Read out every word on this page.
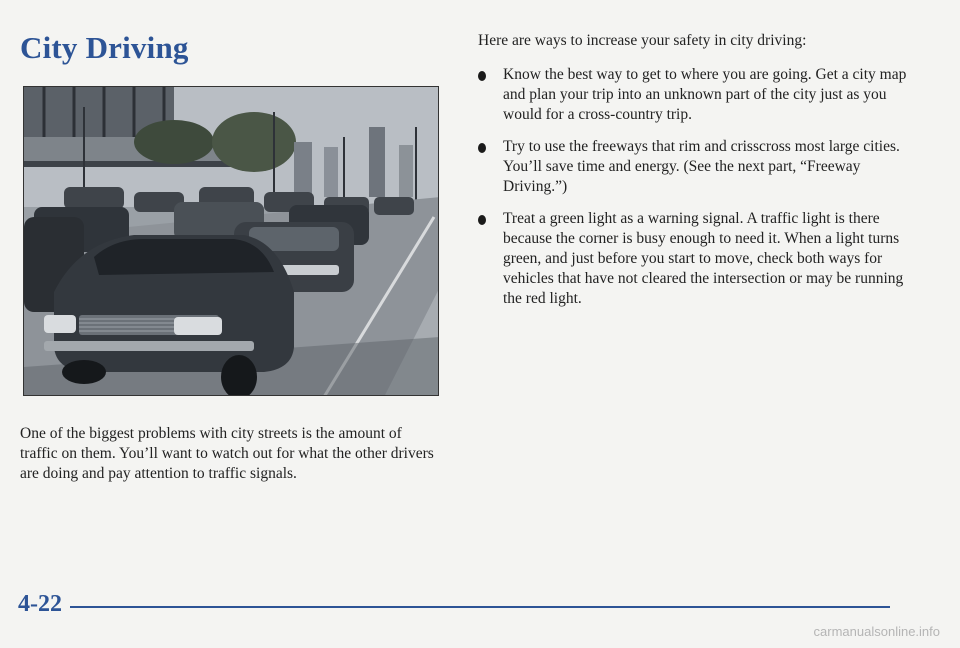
City Driving

One of the biggest problems with city streets is the amount of traffic on them. You’ll want to watch out for what the other drivers are doing and pay attention to traffic signals.

Here are ways to increase your safety in city driving:

Know the best way to get to where you are going. Get a city map and plan your trip into an unknown part of the city just as you would for a cross-country trip.
Try to use the freeways that rim and crisscross most large cities. You’ll save time and energy. (See the next part, “Freeway Driving.”)
Treat a green light as a warning signal. A traffic light is there because the corner is busy enough to need it. When a light turns green, and just before you start to move, check both ways for vehicles that have not cleared the intersection or may be running the red light.
4-22
carmanualsonline.info
